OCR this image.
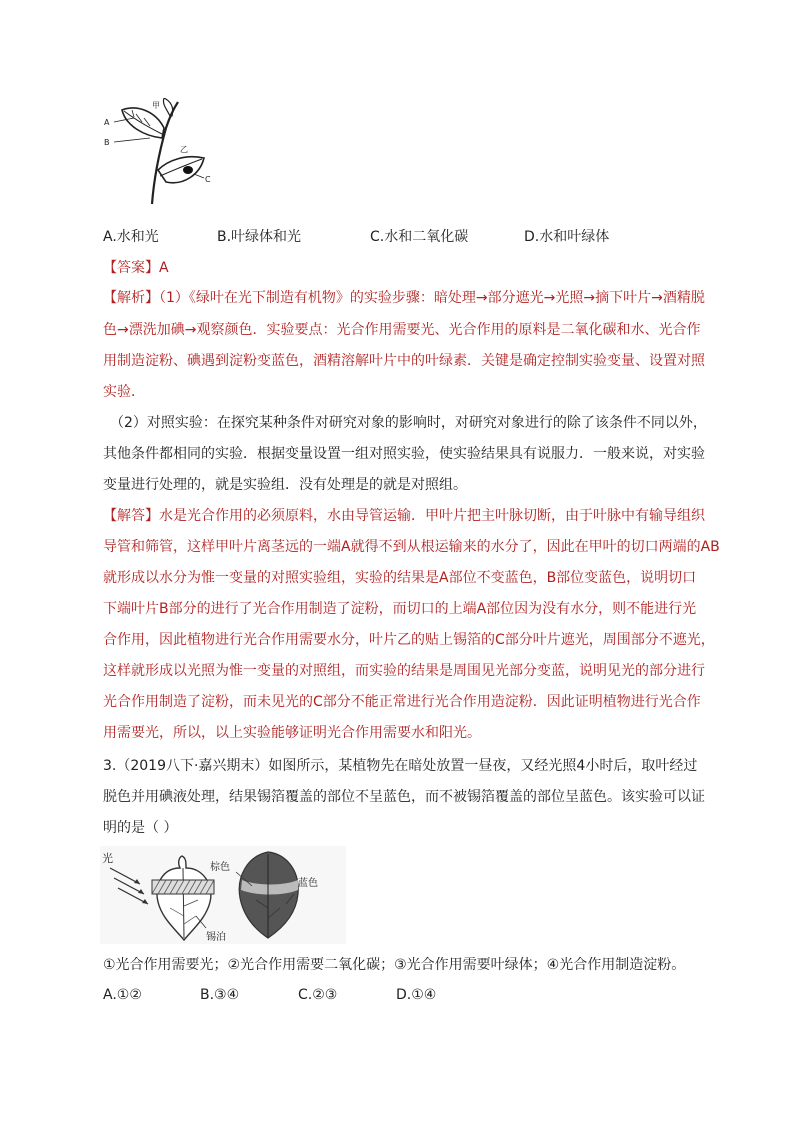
甲
乙
A
B
C
A.水和光	B.叶绿体和光	C.水和二氧化碳	D.水和叶绿体
【答案】A
【解析】（1）《绿叶在光下制造有机物》的实验步骤：暗处理→部分遮光→光照→摘下叶片→酒精脱
色→漂洗加碘→观察颜色．实验要点：光合作用需要光、光合作用的原料是二氧化碳和水、光合作
用制造淀粉、碘遇到淀粉变蓝色，酒精溶解叶片中的叶绿素．关键是确定控制实验变量、设置对照
实验．
（2）对照实验：在探究某种条件对研究对象的影响时，对研究对象进行的除了该条件不同以外，
其他条件都相同的实验．根据变量设置一组对照实验，使实验结果具有说服力．一般来说，对实验
变量进行处理的，就是实验组．没有处理是的就是对照组。
【解答】水是光合作用的必须原料，水由导管运输．甲叶片把主叶脉切断，由于叶脉中有输导组织
导管和筛管，这样甲叶片离茎远的一端A就得不到从根运输来的水分了，因此在甲叶的切口两端的AB
就形成以水分为惟一变量的对照实验组，实验的结果是A部位不变蓝色，B部位变蓝色，说明切口
下端叶片B部分的进行了光合作用制造了淀粉，而切口的上端A部位因为没有水分，则不能进行光
合作用，因此植物进行光合作用需要水分，叶片乙的贴上锡箔的C部分叶片遮光，周围部分不遮光，
这样就形成以光照为惟一变量的对照组，而实验的结果是周围见光部分变蓝，说明见光的部分进行
光合作用制造了淀粉，而未见光的C部分不能正常进行光合作用造淀粉．因此证明植物进行光合作
用需要光，所以，以上实验能够证明光合作用需要水和阳光。
3.（2019八下·嘉兴期末）如图所示，某植物先在暗处放置一昼夜，又经光照4小时后，取叶经过
脱色并用碘液处理，结果锡箔覆盖的部位不呈蓝色，而不被锡箔覆盖的部位呈蓝色。该实验可以证
明的是（ ）
光
棕色
蓝色
锡泊
①光合作用需要光；②光合作用需要二氧化碳；③光合作用需要叶绿体；④光合作用制造淀粉。
A.①②	B.③④	C.②③	D.①④
